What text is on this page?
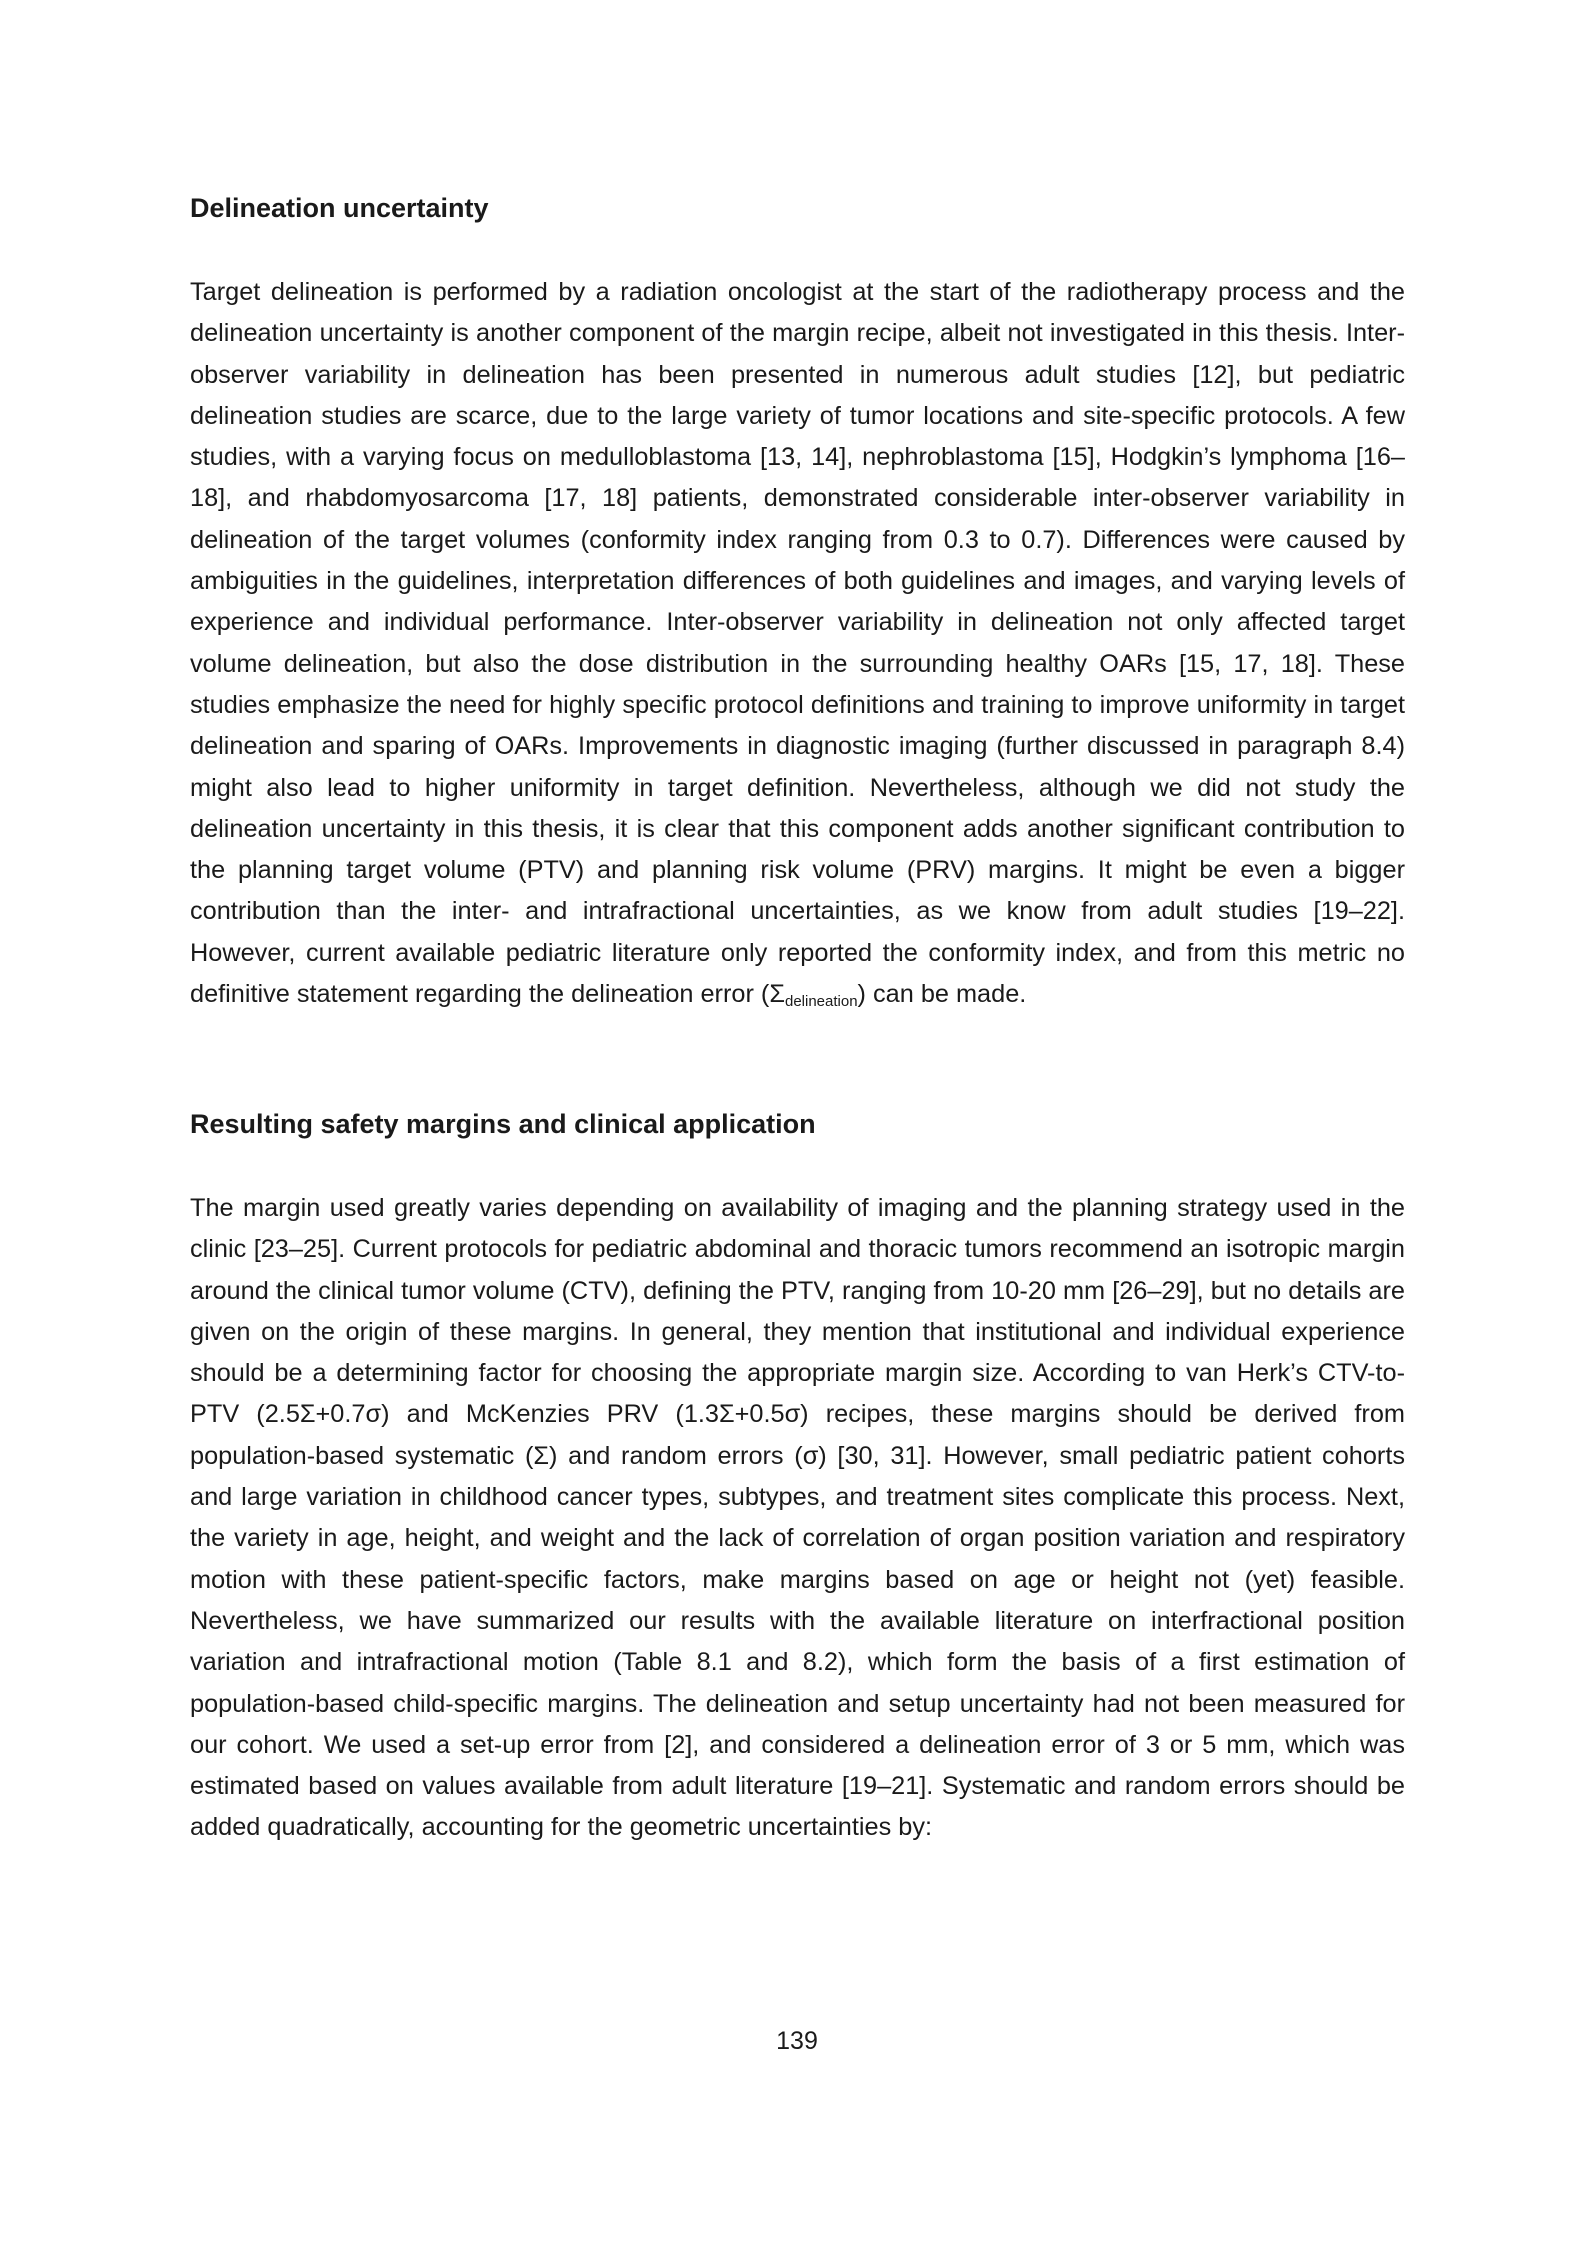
Delineation uncertainty

Target delineation is performed by a radiation oncologist at the start of the radiotherapy process and the delineation uncertainty is another component of the margin recipe, albeit not investigated in this thesis. Inter-observer variability in delineation has been presented in numerous adult studies [12], but pediatric delineation studies are scarce, due to the large variety of tumor locations and site-specific protocols. A few studies, with a varying focus on medulloblastoma [13, 14], nephroblastoma [15], Hodgkin’s lymphoma [16–18], and rhabdomyosarcoma [17, 18] patients, demonstrated considerable inter-observer variability in delineation of the target volumes (conformity index ranging from 0.3 to 0.7). Differences were caused by ambiguities in the guidelines, interpretation differences of both guidelines and images, and varying levels of experience and individual performance. Inter-observer variability in delineation not only affected target volume delineation, but also the dose distribution in the surrounding healthy OARs [15, 17, 18]. These studies emphasize the need for highly specific protocol definitions and training to improve uniformity in target delineation and sparing of OARs. Improvements in diagnostic imaging (further discussed in paragraph 8.4) might also lead to higher uniformity in target definition. Nevertheless, although we did not study the delineation uncertainty in this thesis, it is clear that this component adds another significant contribution to the planning target volume (PTV) and planning risk volume (PRV) margins. It might be even a bigger contribution than the inter- and intrafractional uncertainties, as we know from adult studies [19–22]. However, current available pediatric literature only reported the conformity index, and from this metric no definitive statement regarding the delineation error $(\Sigma_{delineation})$ can be made.

Resulting safety margins and clinical application

The margin used greatly varies depending on availability of imaging and the planning strategy used in the clinic [23–25]. Current protocols for pediatric abdominal and thoracic tumors recommend an isotropic margin around the clinical tumor volume (CTV), defining the PTV, ranging from 10-20 mm [26–29], but no details are given on the origin of these margins. In general, they mention that institutional and individual experience should be a determining factor for choosing the appropriate margin size. According to van Herk’s CTV-to-PTV (2.5Σ+0.7σ) and McKenzies PRV (1.3Σ+0.5σ) recipes, these margins should be derived from population-based systematic (Σ) and random errors (σ) [30, 31]. However, small pediatric patient cohorts and large variation in childhood cancer types, subtypes, and treatment sites complicate this process. Next, the variety in age, height, and weight and the lack of correlation of organ position variation and respiratory motion with these patient-specific factors, make margins based on age or height not (yet) feasible. Nevertheless, we have summarized our results with the available literature on interfractional position variation and intrafractional motion (Table 8.1 and 8.2), which form the basis of a first estimation of population-based child-specific margins. The delineation and setup uncertainty had not been measured for our cohort. We used a set-up error from [2], and considered a delineation error of 3 or 5 mm, which was estimated based on values available from adult literature [19–21]. Systematic and random errors should be added quadratically, accounting for the geometric uncertainties by:

139
